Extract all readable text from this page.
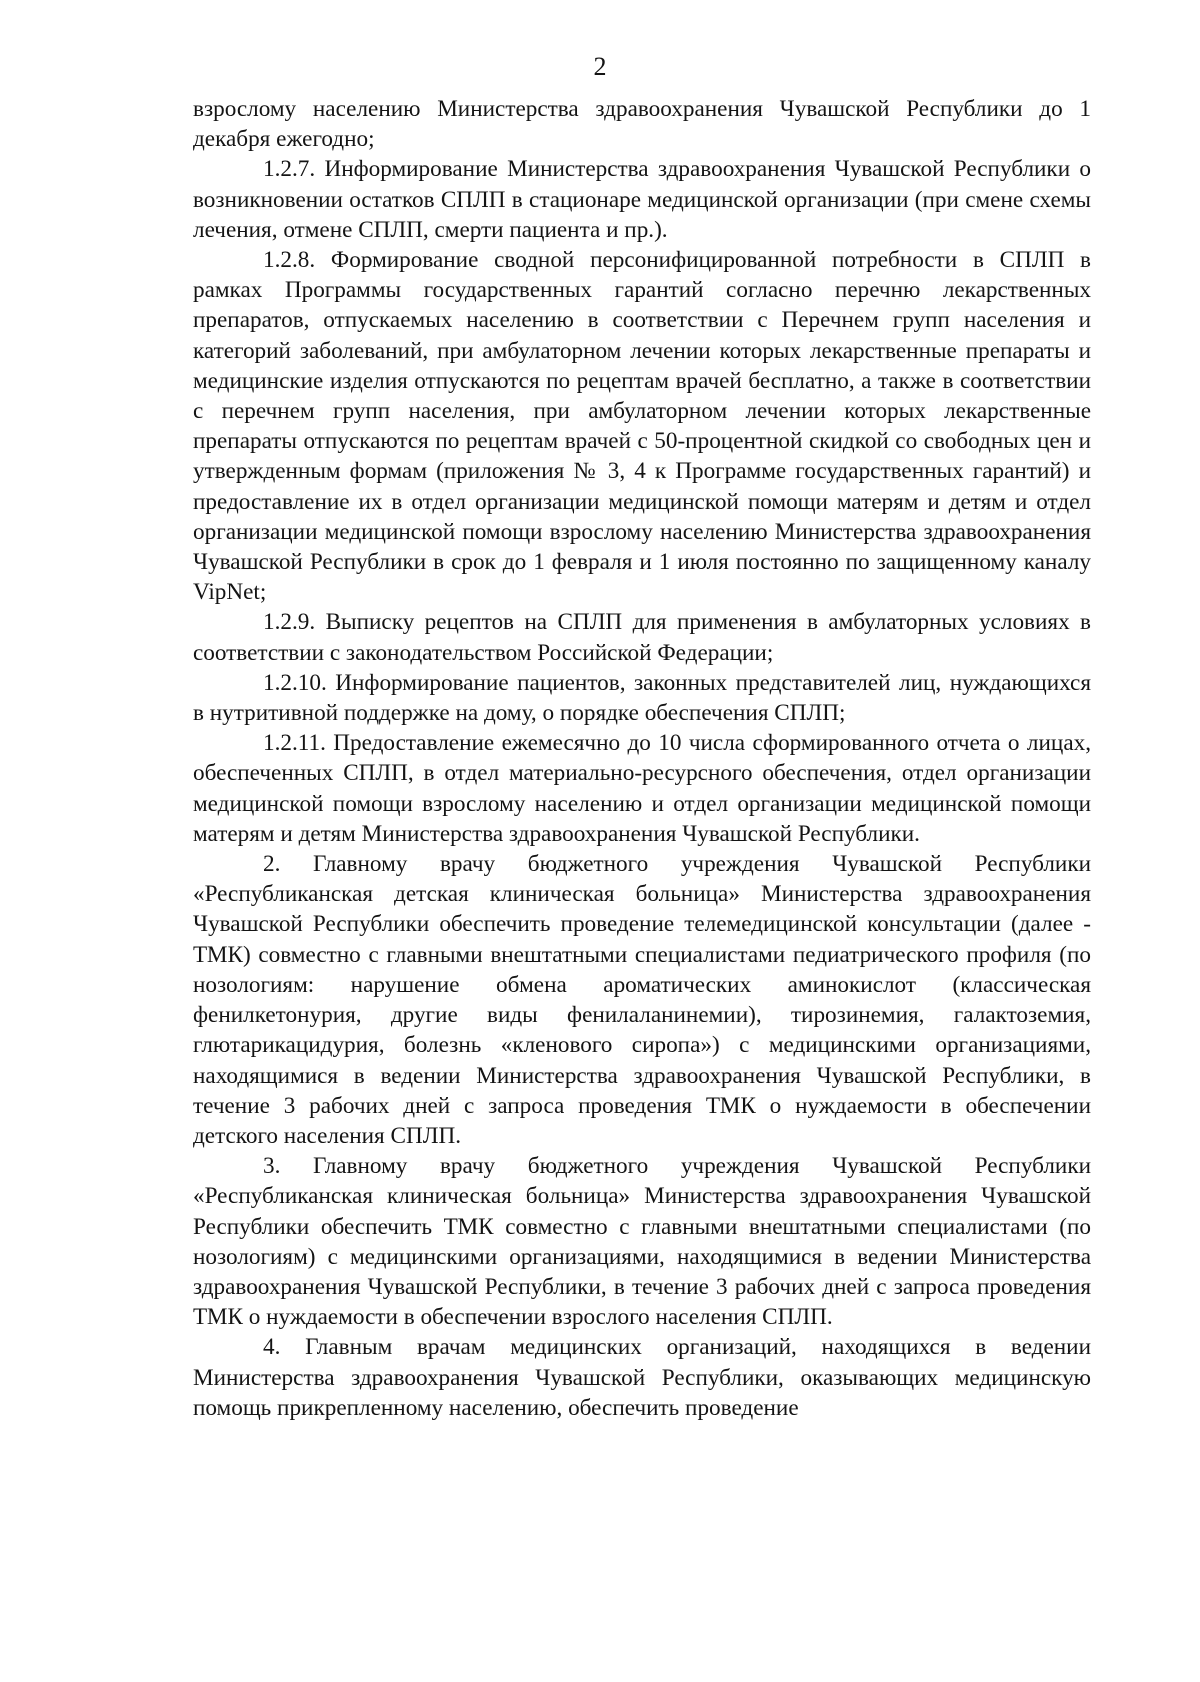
2

взрослому населению Министерства здравоохранения Чувашской Республики до 1 декабря ежегодно;

1.2.7. Информирование Министерства здравоохранения Чувашской Республики о возникновении остатков СПЛП в стационаре медицинской организации (при смене схемы лечения, отмене СПЛП, смерти пациента и пр.).

1.2.8. Формирование сводной персонифицированной потребности в СПЛП в рамках Программы государственных гарантий согласно перечню лекарственных препаратов, отпускаемых населению в соответствии с Перечнем групп населения и категорий заболеваний, при амбулаторном лечении которых лекарственные препараты и медицинские изделия отпускаются по рецептам врачей бесплатно, а также в соответствии с перечнем групп населения, при амбулаторном лечении которых лекарственные препараты отпускаются по рецептам врачей с 50-процентной скидкой со свободных цен и утвержденным формам (приложения № 3, 4 к Программе государственных гарантий) и предоставление их в отдел организации медицинской помощи матерям и детям и отдел организации медицинской помощи взрослому населению Министерства здравоохранения Чувашской Республики в срок до 1 февраля и 1 июля постоянно по защищенному каналу VipNet;

1.2.9. Выписку рецептов на СПЛП для применения в амбулаторных условиях в соответствии с законодательством Российской Федерации;

1.2.10. Информирование пациентов, законных представителей лиц, нуждающихся в нутритивной поддержке на дому, о порядке обеспечения СПЛП;

1.2.11. Предоставление ежемесячно до 10 числа сформированного отчета о лицах, обеспеченных СПЛП, в отдел материально-ресурсного обеспечения, отдел организации медицинской помощи взрослому населению и отдел организации медицинской помощи матерям и детям Министерства здравоохранения Чувашской Республики.

2. Главному врачу бюджетного учреждения Чувашской Республики «Республиканская детская клиническая больница» Министерства здравоохранения Чувашской Республики обеспечить проведение телемедицинской консультации (далее - ТМК) совместно с главными внештатными специалистами педиатрического профиля (по нозологиям: нарушение обмена ароматических аминокислот (классическая фенилкетонурия, другие виды фенилаланинемии), тирозинемия, галактоземия, глютарикацидурия, болезнь «кленового сиропа») с медицинскими организациями, находящимися в ведении Министерства здравоохранения Чувашской Республики, в течение 3 рабочих дней с запроса проведения ТМК о нуждаемости в обеспечении детского населения СПЛП.

3. Главному врачу бюджетного учреждения Чувашской Республики «Республиканская клиническая больница» Министерства здравоохранения Чувашской Республики обеспечить ТМК совместно с главными внештатными специалистами (по нозологиям) с медицинскими организациями, находящимися в ведении Министерства здравоохранения Чувашской Республики, в течение 3 рабочих дней с запроса проведения ТМК о нуждаемости в обеспечении взрослого населения СПЛП.

4. Главным врачам медицинских организаций, находящихся в ведении Министерства здравоохранения Чувашской Республики, оказывающих медицинскую помощь прикрепленному населению, обеспечить проведение
